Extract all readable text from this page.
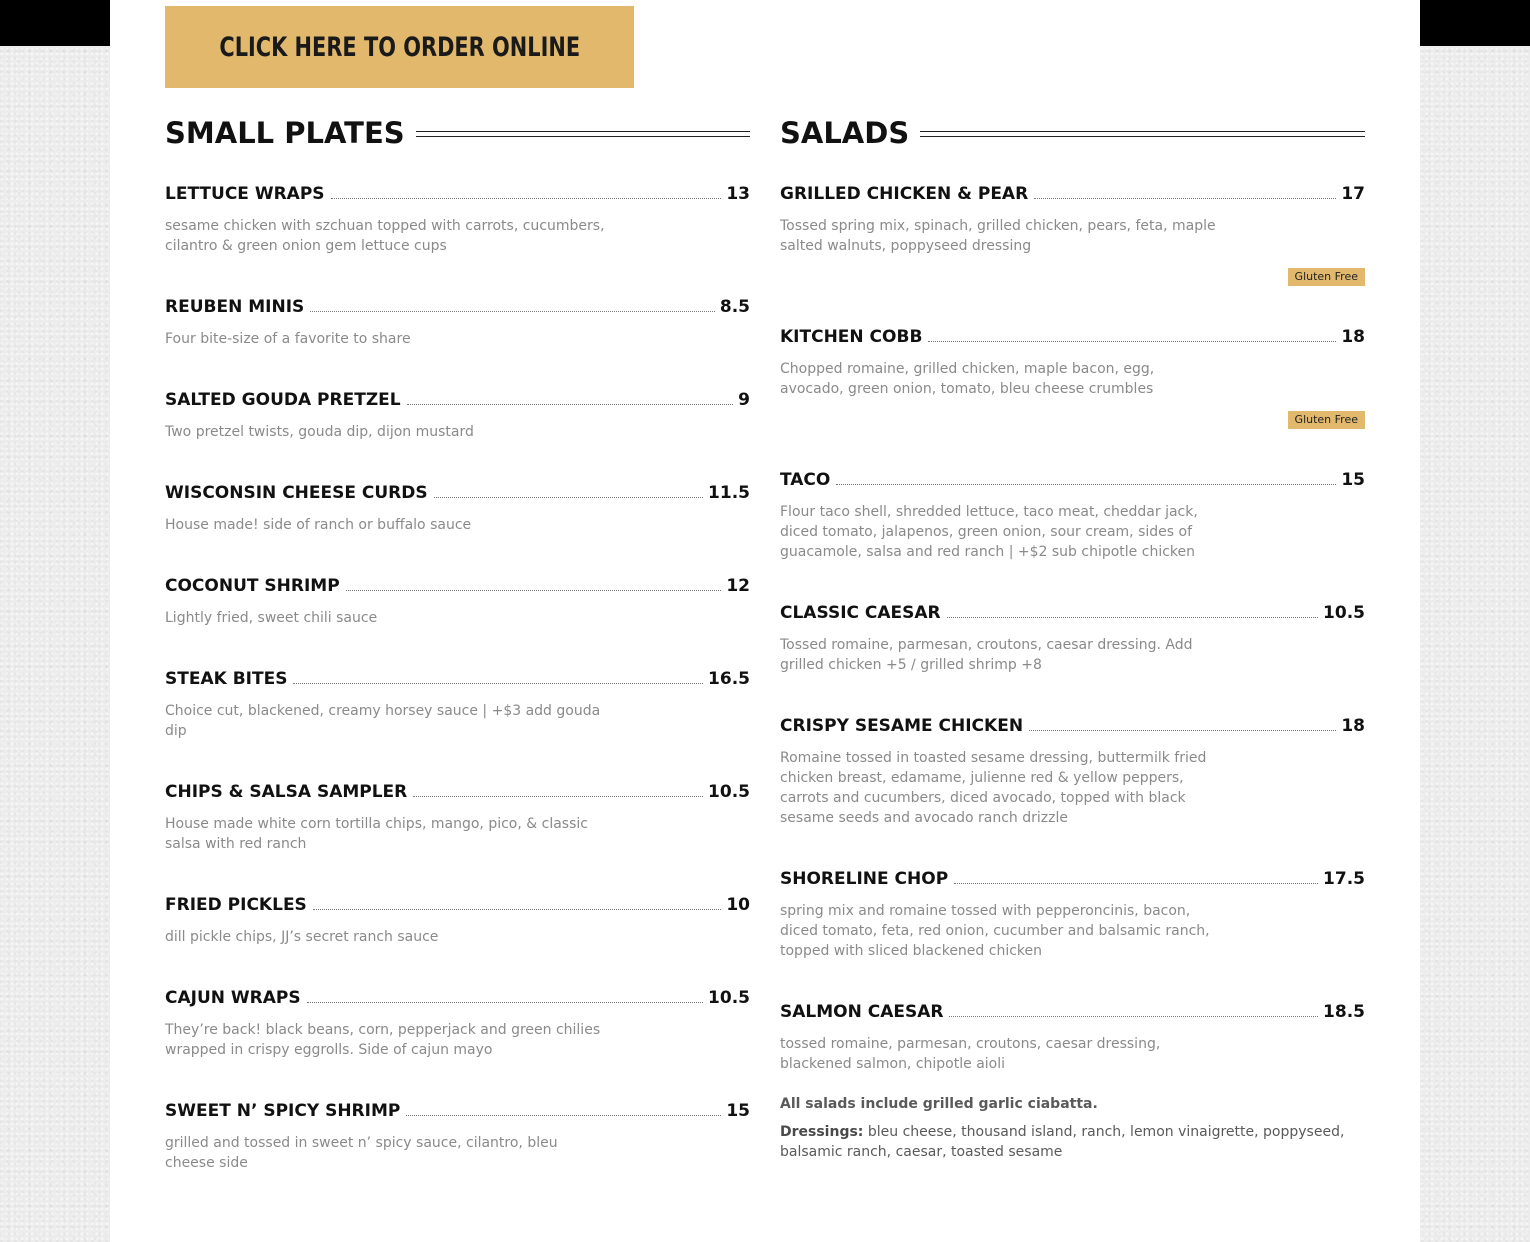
CLICK HERE TO ORDER ONLINE
SMALL PLATES
LETTUCE WRAPS	13
sesame chicken with szchuan topped with carrots, cucumbers, cilantro & green onion gem lettuce cups
REUBEN MINIS	8.5
Four bite-size of a favorite to share
SALTED GOUDA PRETZEL	9
Two pretzel twists, gouda dip, dijon mustard
WISCONSIN CHEESE CURDS	11.5
House made! side of ranch or buffalo sauce
COCONUT SHRIMP	12
Lightly fried, sweet chili sauce
STEAK BITES	16.5
Choice cut, blackened, creamy horsey sauce | +$3 add gouda dip
CHIPS & SALSA SAMPLER	10.5
House made white corn tortilla chips, mango, pico, & classic salsa with red ranch
FRIED PICKLES	10
dill pickle chips, JJ’s secret ranch sauce
CAJUN WRAPS	10.5
They’re back! black beans, corn, pepperjack and green chilies wrapped in crispy eggrolls. Side of cajun mayo
SWEET N’ SPICY SHRIMP	15
grilled and tossed in sweet n’ spicy sauce, cilantro, bleu cheese side
SALADS
GRILLED CHICKEN & PEAR	17
Tossed spring mix, spinach, grilled chicken, pears, feta, maple salted walnuts, poppyseed dressing
Gluten Free
KITCHEN COBB	18
Chopped romaine, grilled chicken, maple bacon, egg, avocado, green onion, tomato, bleu cheese crumbles
Gluten Free
TACO	15
Flour taco shell, shredded lettuce, taco meat, cheddar jack, diced tomato, jalapenos, green onion, sour cream, sides of guacamole, salsa and red ranch | +$2 sub chipotle chicken
CLASSIC CAESAR	10.5
Tossed romaine, parmesan, croutons, caesar dressing. Add grilled chicken +5 / grilled shrimp +8
CRISPY SESAME CHICKEN	18
Romaine tossed in toasted sesame dressing, buttermilk fried chicken breast, edamame, julienne red & yellow peppers, carrots and cucumbers, diced avocado, topped with black sesame seeds and avocado ranch drizzle
SHORELINE CHOP	17.5
spring mix and romaine tossed with pepperoncinis, bacon, diced tomato, feta, red onion, cucumber and balsamic ranch, topped with sliced blackened chicken
SALMON CAESAR	18.5
tossed romaine, parmesan, croutons, caesar dressing, blackened salmon, chipotle aioli
All salads include grilled garlic ciabatta.
Dressings: bleu cheese, thousand island, ranch, lemon vinaigrette, poppyseed, balsamic ranch, caesar, toasted sesame
